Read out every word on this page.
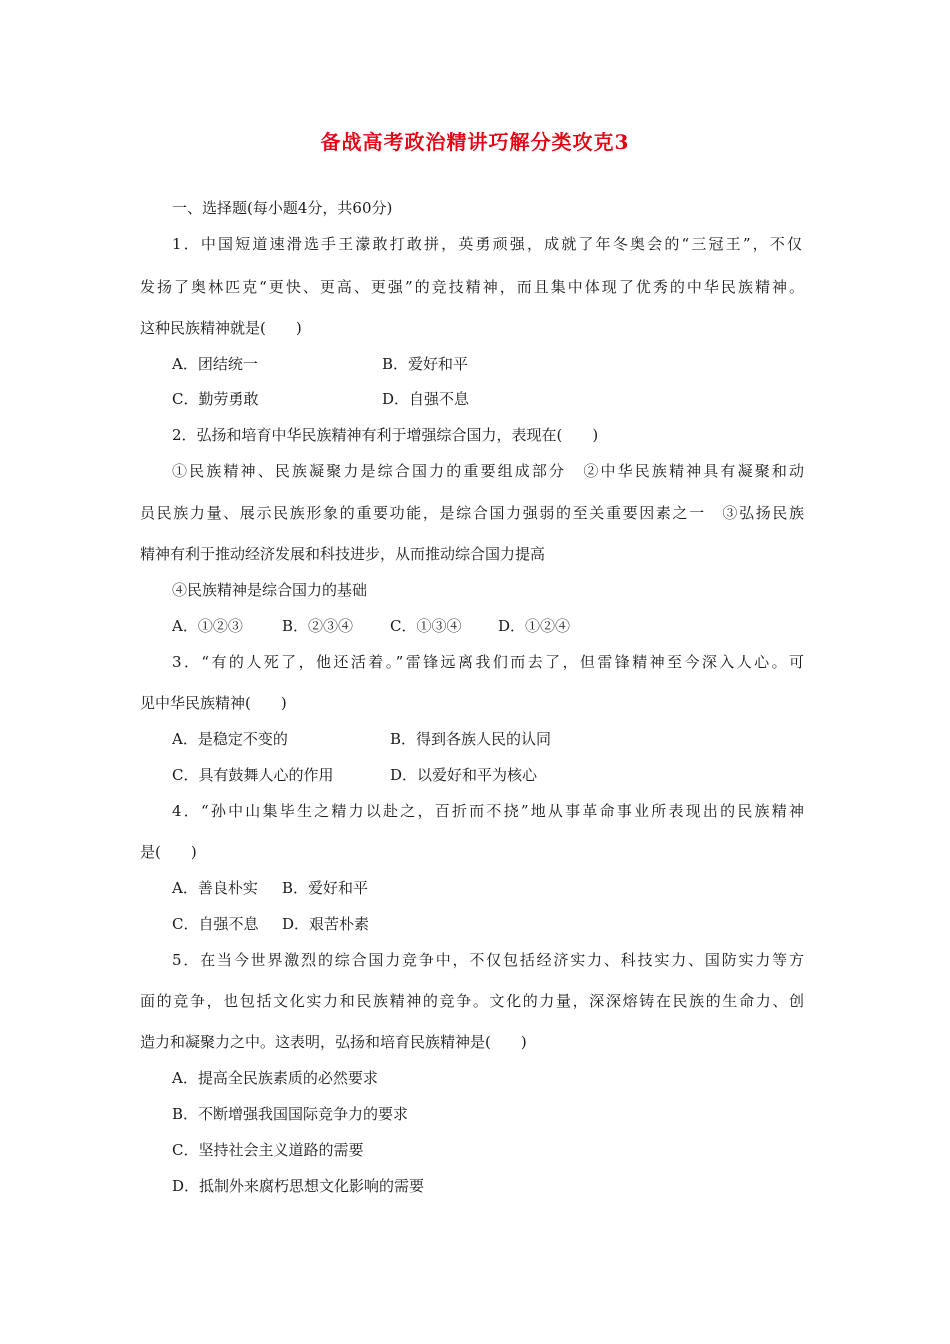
备战高考政治精讲巧解分类攻克3
一、选择题(每小题4分，共60分)
1．中国短道速滑选手王濛敢打敢拼，英勇顽强，成就了年冬奥会的“三冠王”，不仅
发扬了奥林匹克“更快、更高、更强”的竞技精神，而且集中体现了优秀的中华民族精神。
这种民族精神就是(　　)
A．团结统一	B．爱好和平
C．勤劳勇敢	D．自强不息
2．弘扬和培育中华民族精神有利于增强综合国力，表现在(　　)
①民族精神、民族凝聚力是综合国力的重要组成部分　②中华民族精神具有凝聚和动
员民族力量、展示民族形象的重要功能，是综合国力强弱的至关重要因素之一　③弘扬民族
精神有利于推动经济发展和科技进步，从而推动综合国力提高
④民族精神是综合国力的基础
A．①②③	B．②③④ C．①③④ D．①②④
3．“有的人死了，他还活着。”雷锋远离我们而去了，但雷锋精神至今深入人心。可
见中华民族精神(　　)
A．是稳定不变的	B．得到各族人民的认同
C．具有鼓舞人心的作用	D．以爱好和平为核心
4．“孙中山集毕生之精力以赴之，百折而不挠”地从事革命事业所表现出的民族精神
是(　　)
A．善良朴实 B．爱好和平
C．自强不息 D．艰苦朴素
5．在当今世界激烈的综合国力竞争中，不仅包括经济实力、科技实力、国防实力等方
面的竞争，也包括文化实力和民族精神的竞争。文化的力量，深深熔铸在民族的生命力、创
造力和凝聚力之中。这表明，弘扬和培育民族精神是(　　)
A．提高全民族素质的必然要求
B．不断增强我国国际竞争力的要求
C．坚持社会主义道路的需要
D．抵制外来腐朽思想文化影响的需要
